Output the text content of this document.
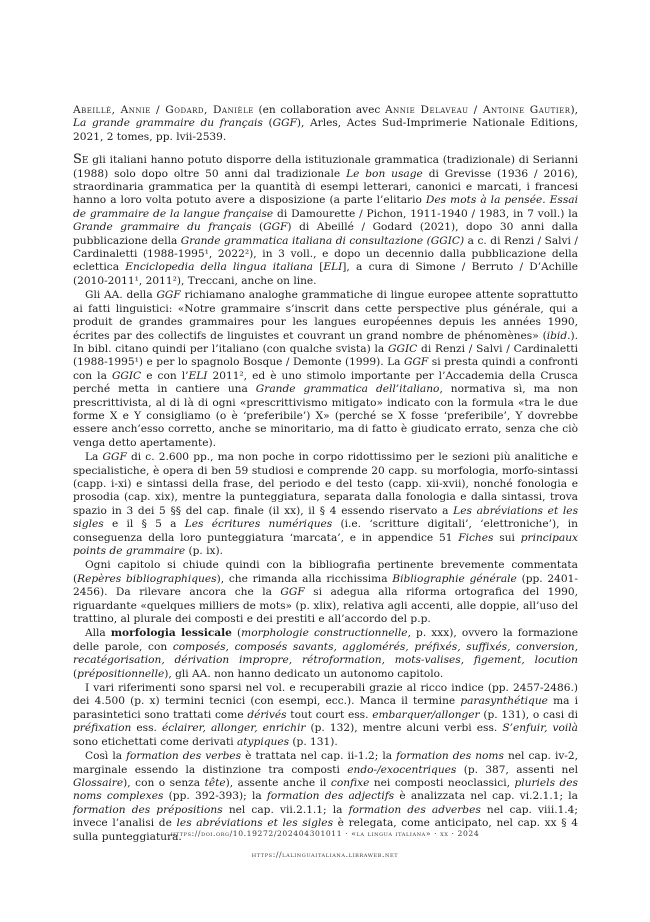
Abeillé, Annie / Godard, Danièle (en collaboration avec Annie Delaveau / Antoine Gautier), La grande grammaire du français (GGF), Arles, Actes Sud-Imprimerie Nationale Editions, 2021, 2 tomes, pp. lvii-2539.

Se gli italiani hanno potuto disporre della istituzionale grammatica (tradizionale) di Serianni (1988) solo dopo oltre 50 anni dal tradizionale Le bon usage di Grevisse (1936 / 2016), straordinaria grammatica per la quantità di esempi letterari, canonici e marcati, i francesi hanno a loro volta potuto avere a disposizione (a parte l’elitario Des mots à la pensée. Essai de grammaire de la langue française di Damourette / Pichon, 1911-1940 / 1983, in 7 voll.) la Grande grammaire du français (GGF) di Abeillé / Godard (2021), dopo 30 anni dalla pubblicazione della Grande grammatica italiana di consultazione (GGIC) a c. di Renzi / Salvi / Cardinaletti (1988-1995¹, 2022²), in 3 voll., e dopo un decennio dalla pubblicazione della eclettica Enciclopedia della lingua italiana [ELI], a cura di Simone / Berruto / D’Achille (2010-2011¹, 2011²), Treccani, anche on line.

Gli AA. della GGF richiamano analoghe grammatiche di lingue europee attente soprattutto ai fatti linguistici: «Notre grammaire s’inscrit dans cette perspective plus générale, qui a produit de grandes grammaires pour les langues européennes depuis les années 1990, écrites par des collectifs de linguistes et couvrant un grand nombre de phénomènes» (ibid.). In bibl. citano quindi per l’italiano (con qualche svista) la GGIC di Renzi / Salvi / Cardinaletti (1988-1995¹) e per lo spagnolo Bosque / Demonte (1999). La GGF si presta quindi a confronti con la GGIC e con l’ELI 2011², ed è uno stimolo importante per l’Accademia della Crusca perché metta in cantiere una Grande grammatica dell’italiano, normativa sì, ma non prescrittivista, al di là di ogni «prescrittivismo mitigato» indicato con la formula «tra le due forme X e Y consigliamo (o è ‘preferibile’) X» (perché se X fosse ‘preferibile’, Y dovrebbe essere anch’esso corretto, anche se minoritario, ma di fatto è giudicato errato, senza che ciò venga detto apertamente).

La GGF di c. 2.600 pp., ma non poche in corpo ridottissimo per le sezioni più analitiche e specialistiche, è opera di ben 59 studiosi e comprende 20 capp. su morfologia, morfo-sintassi (capp. i-xi) e sintassi della frase, del periodo e del testo (capp. xii-xvii), nonché fonologia e prosodia (cap. xix), mentre la punteggiatura, separata dalla fonologia e dalla sintassi, trova spazio in 3 dei 5 §§ del cap. finale (il xx), il § 4 essendo riservato a Les abréviations et les sigles e il § 5 a Les écritures numériques (i.e. ‘scritture digitali’, ‘elettroniche’), in conseguenza della loro punteggiatura ‘marcata’, e in appendice 51 Fiches sui principaux points de grammaire (p. ix).

Ogni capitolo si chiude quindi con la bibliografia pertinente brevemente commentata (Repères bibliographiques), che rimanda alla ricchissima Bibliographie générale (pp. 2401-2456). Da rilevare ancora che la GGF si adegua alla riforma ortografica del 1990, riguardante «quelques milliers de mots» (p. xlix), relativa agli accenti, alle doppie, all’uso del trattino, al plurale dei composti e dei prestiti e all’accordo del p.p.

Alla morfologia lessicale (morphologie constructionnelle, p. xxx), ovvero la formazione delle parole, con composés, composés savants, agglomérés, préfixés, suffixés, conversion, recatégorisation, dérivation impropre, rétroformation, mots-valises, figement, locution (prépositionnelle), gli AA. non hanno dedicato un autonomo capitolo.

I vari riferimenti sono sparsi nel vol. e recuperabili grazie al ricco indice (pp. 2457-2486.) dei 4.500 (p. x) termini tecnici (con esempi, ecc.). Manca il termine parasynthétique ma i parasintetici sono trattati come dérivés tout court ess. embarquer/allonger (p. 131), o casi di préfixation ess. éclairer, allonger, enrichir (p. 132), mentre alcuni verbi ess. S’enfuir, voilà sono etichettati come derivati atypiques (p. 131).

Così la formation des verbes è trattata nel cap. ii-1.2; la formation des noms nel cap. iv-2, marginale essendo la distinzione tra composti endo-/exocentriques (p. 387, assenti nel Glossaire), con o senza tête), assente anche il confixe nei composti neoclassici, pluriels des noms complexes (pp. 392-393); la formation des adjectifs è analizzata nel cap. vi.2.1.1; la formation des prépositions nel cap. vii.2.1.1; la formation des adverbes nel cap. viii.1.4; invece l’analisi de les abréviations et les sigles è relegata, come anticipato, nel cap. xx § 4 sulla punteggiatura.

https://doi.org/10.19272/202404301011 · «la lingua italiana» · xx · 2024
https://lalinguaitaliana.libraweb.net
